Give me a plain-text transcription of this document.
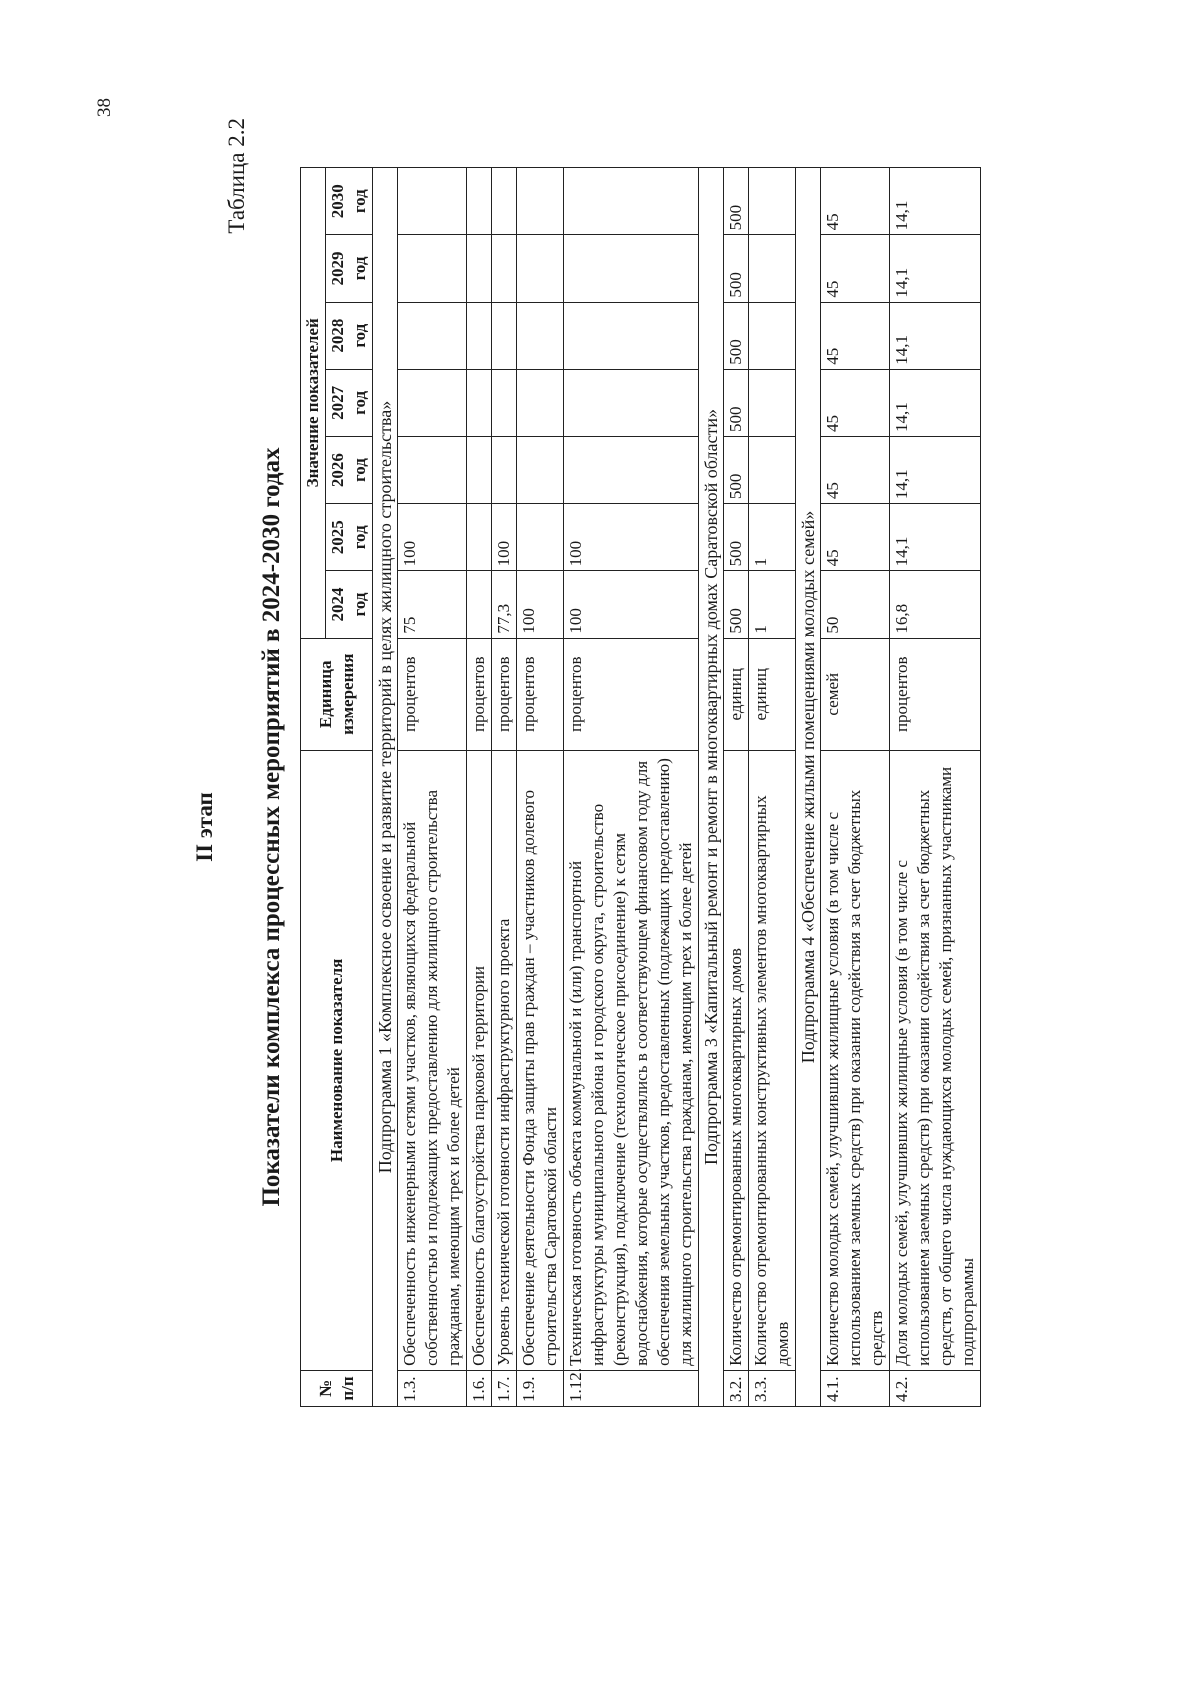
38
II этап
Таблица 2.2
Показатели комплекса процессных мероприятий в 2024-2030 годах
№ п/п	Наименование показателя	Единица измерения	Значение показателей						
			2024 год	2025 год	2026 год	2027 год	2028 год	2029 год	2030 год
Подпрограмма 1 «Комплексное освоение и развитие территорий в целях жилищного строительства»									
1.3.	Обеспеченность инженерными сетями участков, являющихся федеральной собственностью и подлежащих предоставлению для жилищного строительства гражданам, имеющим трех и более детей	процентов	75	100					
1.6.	Обеспеченность благоустройства парковой территории	процентов							
1.7.	Уровень технической готовности инфраструктурного проекта	процентов	77,3	100					
1.9.	Обеспечение деятельности Фонда защиты прав граждан – участников долевого строительства Саратовской области	процентов	100						
1.12.	Техническая готовность объекта коммунальной и (или) транспортной инфраструктуры муниципального района и городского округа, строительство (реконструкция), подключение (технологическое присоединение) к сетям водоснабжения, которые осуществлялись в соответствующем финансовом году для обеспечения земельных участков, предоставленных (подлежащих предоставлению) для жилищного строительства гражданам, имеющим трех и более детей	процентов	100	100					
Подпрограмма 3 «Капитальный ремонт и ремонт в многоквартирных домах Саратовской области»									
3.2.	Количество отремонтированных многоквартирных домов	единиц	500	500	500	500	500	500	500
3.3.	Количество отремонтированных конструктивных элементов многоквартирных домов	единиц	1	1					
Подпрограмма 4 «Обеспечение жилыми помещениями молодых семей»									
4.1.	Количество молодых семей, улучшивших жилищные условия (в том числе с использованием заемных средств) при оказании содействия за счет бюджетных средств	семей	50	45	45	45	45	45	45
4.2.	Доля молодых семей, улучшивших жилищные условия (в том числе с использованием заемных средств) при оказании содействия за счет бюджетных средств, от общего числа нуждающихся молодых семей, признанных участниками подпрограммы	процентов	16,8	14,1	14,1	14,1	14,1	14,1	14,1
